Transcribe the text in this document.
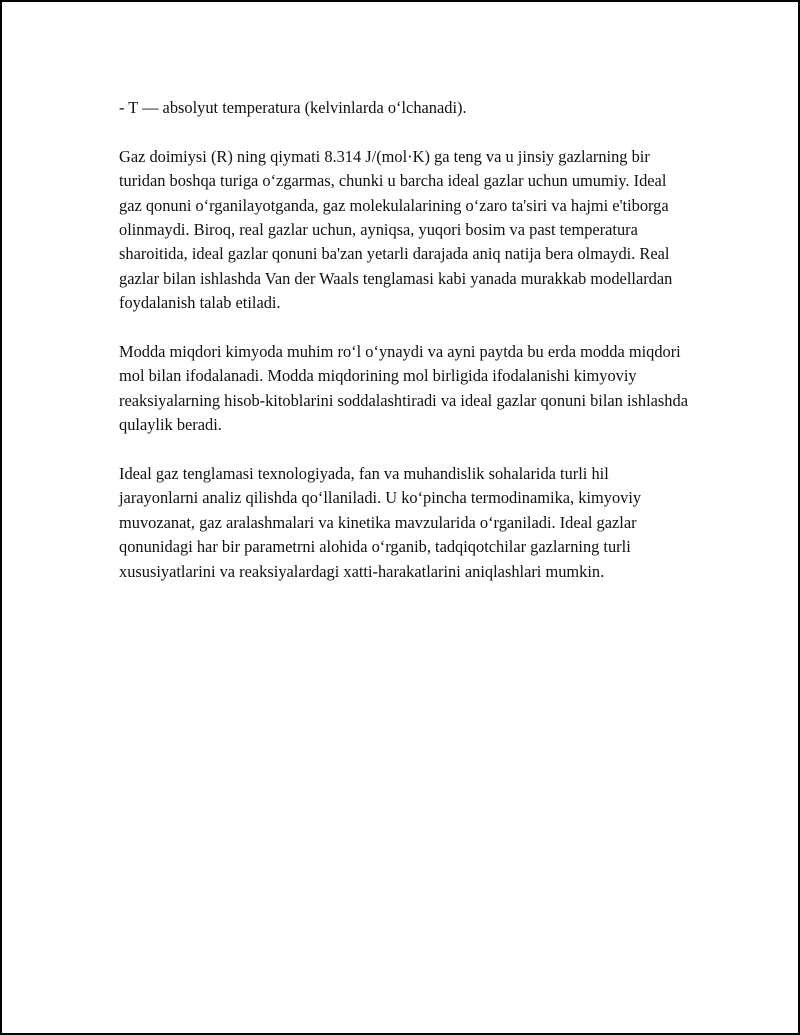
- T — absolyut temperatura (kelvinlarda o‘lchanadi).

Gaz doimiysi (R) ning qiymati 8.314 J/(mol·K) ga teng va u jinsiy gazlarning bir turidan boshqa turiga o‘zgarmas, chunki u barcha ideal gazlar uchun umumiy. Ideal gaz qonuni o‘rganilayotganda, gaz molekulalarining o‘zaro ta'siri va hajmi e'tiborga olinmaydi. Biroq, real gazlar uchun, ayniqsa, yuqori bosim va past temperatura sharoitida, ideal gazlar qonuni ba'zan yetarli darajada aniq natija bera olmaydi. Real gazlar bilan ishlashda Van der Waals tenglamasi kabi yanada murakkab modellardan foydalanish talab etiladi.

Modda miqdori kimyoda muhim ro‘l o‘ynaydi va ayni paytda bu erda modda miqdori mol bilan ifodalanadi. Modda miqdorining mol birligida ifodalanishi kimyoviy reaksiyalarning hisob-kitoblarini soddalashtiradi va ideal gazlar qonuni bilan ishlashda qulaylik beradi.

Ideal gaz tenglamasi texnologiyada, fan va muhandislik sohalarida turli hil jarayonlarni analiz qilishda qo‘llaniladi. U ko‘pincha termodinamika, kimyoviy muvozanat, gaz aralashmalari va kinetika mavzularida o‘rganiladi. Ideal gazlar qonunidagi har bir parametrni alohida o‘rganib, tadqiqotchilar gazlarning turli xususiyatlarini va reaksiyalardagi xatti-harakatlarini aniqlashlari mumkin.
